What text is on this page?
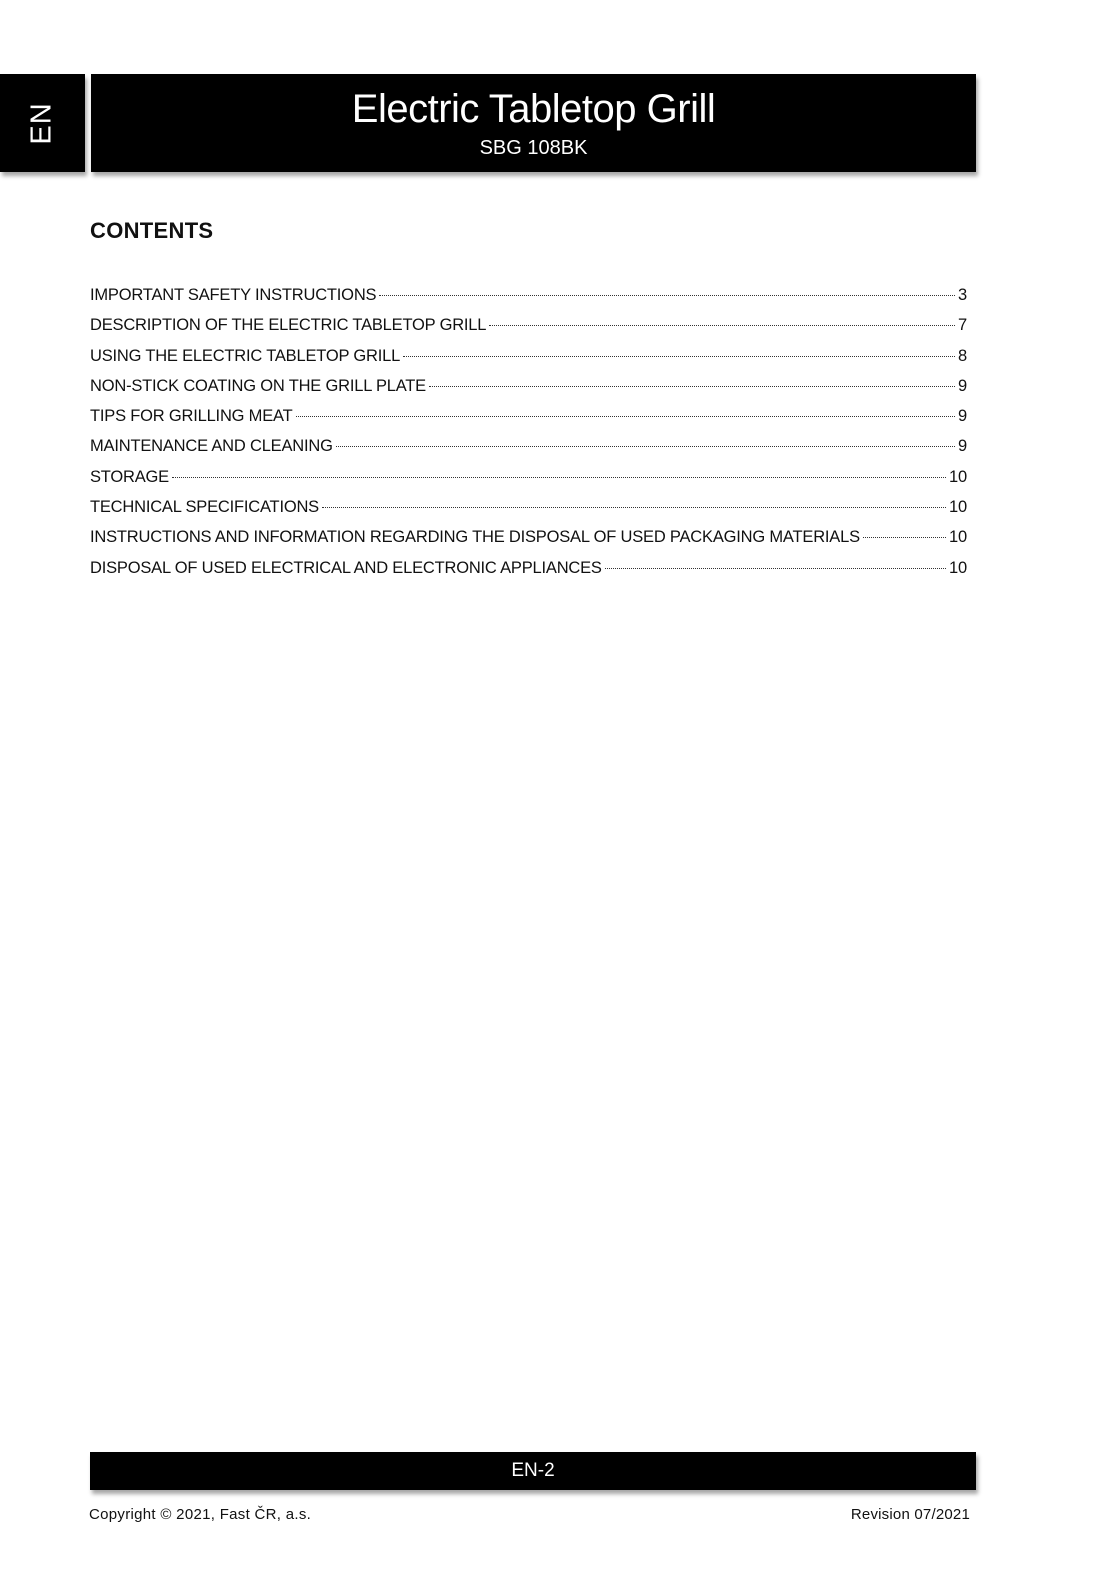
EN	Electric Tabletop Grill
SBG 108BK
CONTENTS
IMPORTANT SAFETY INSTRUCTIONS	3
DESCRIPTION OF THE ELECTRIC TABLETOP GRILL	7
USING THE ELECTRIC TABLETOP GRILL	8
NON-STICK COATING ON THE GRILL PLATE	9
TIPS FOR GRILLING MEAT	9
MAINTENANCE AND CLEANING	9
STORAGE	10
TECHNICAL SPECIFICATIONS	10
INSTRUCTIONS AND INFORMATION REGARDING THE DISPOSAL OF USED PACKAGING MATERIALS	10
DISPOSAL OF USED ELECTRICAL AND ELECTRONIC APPLIANCES	10
EN-2
Copyright © 2021, Fast ČR, a.s.	Revision 07/2021
